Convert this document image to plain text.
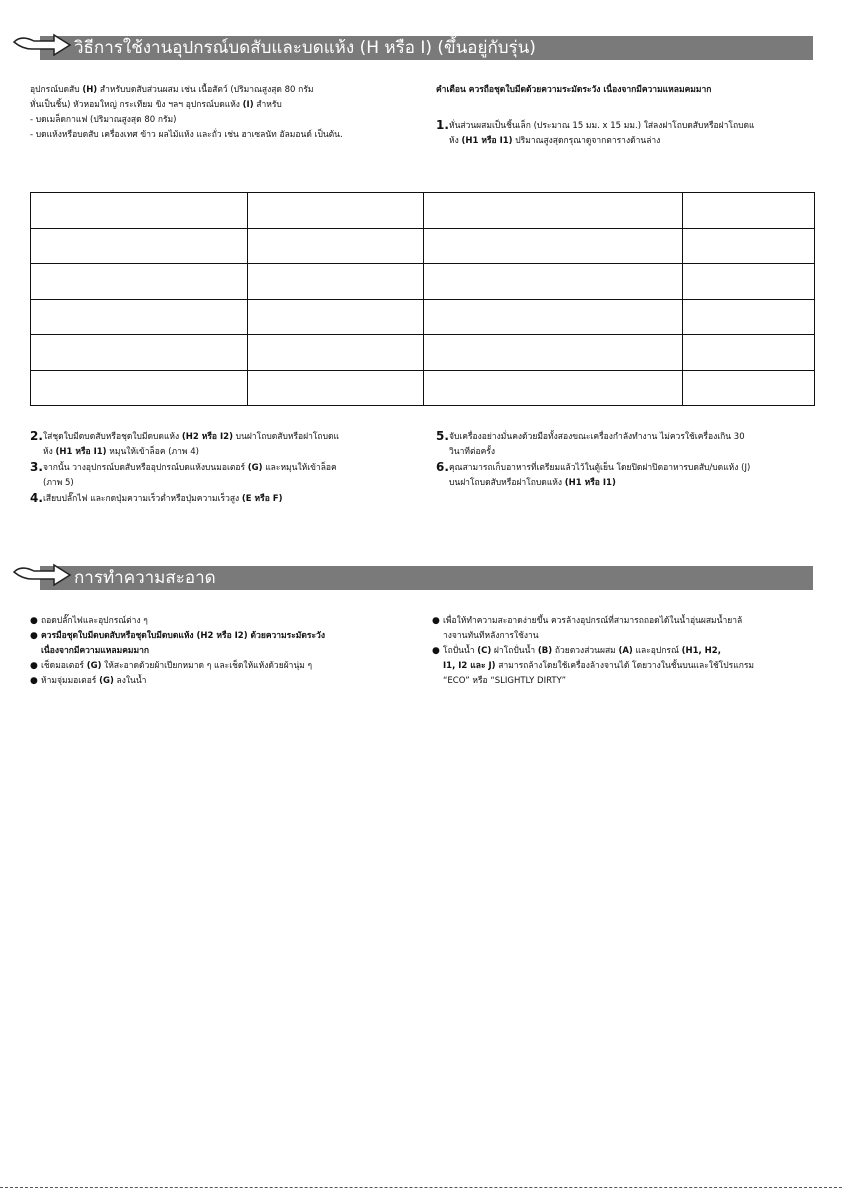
วิธีการใช้งานอุปกรณ์บดสับและบดแห้ง (H หรือ I) (ขึ้นอยู่กับรุ่น)

อุปกรณ์บดสับ (H) สำหรับบดสับส่วนผสม เช่น เนื้อสัตว์ (ปริมาณสูงสุด 80 กรัม

หั่นเป็นชิ้น) หัวหอมใหญ่ กระเทียม ขิง ฯลฯ อุปกรณ์บดแห้ง (I) สำหรับ

- บดเมล็ดกาแฟ (ปริมาณสูงสุด 80 กรัม)

- บดแห้งหรือบดสับ เครื่องเทศ ข้าว ผลไม้แห้ง และถั่ว เช่น ฮาเซลนัท อัลมอนด์ เป็นต้น.

คำเตือน ควรถือชุดใบมีดด้วยความระมัดระวัง เนื่องจากมีความแหลมคมมาก
1. หั่นส่วนผสมเป็นชิ้นเล็ก (ประมาณ 15 มม. x 15 มม.) ใส่ลงฝาโถบดสับหรือฝาโถบดแ

ห้ง (H1 หรือ I1) ปริมาณสูงสุดกรุณาดูจากตารางด้านล่าง

2. ใส่ชุดใบมีดบดสับหรือชุดใบมีดบดแห้ง (H2 หรือ I2) บนฝาโถบดสับหรือฝาโถบดแ

ห้ง (H1 หรือ I1) หมุนให้เข้าล็อค (ภาพ 4)

3. จากนั้น วางอุปกรณ์บดสับหรืออุปกรณ์บดแห้งบนมอเตอร์ (G) และหมุนให้เข้าล็อค

(ภาพ 5)

4. เสียบปลั๊กไฟ และกดปุ่มความเร็วต่ำหรือปุ่มความเร็วสูง (E หรือ F)

5. จับเครื่องอย่างมั่นคงด้วยมือทั้งสองขณะเครื่องกำลังทำงาน ไม่ควรใช้เครื่องเกิน 30

วินาทีต่อครั้ง

6. คุณสามารถเก็บอาหารที่เตรียมแล้วไว้ในตู้เย็น โดยปิดฝาปิดอาหารบดสับ/บดแห้ง (J)

บนฝาโถบดสับหรือฝาโถบดแห้ง (H1 หรือ I1)

การทำความสะอาด
● ถอดปลั๊กไฟและอุปกรณ์ต่าง ๆ

● ควรมือชุดใบมีดบดสับหรือชุดใบมีดบดแห้ง (H2 หรือ I2) ด้วยความระมัดระวัง

เนื่องจากมีความแหลมคมมาก

● เช็ดมอเตอร์ (G) ให้สะอาดด้วยผ้าเปียกหมาด ๆ และเช็ดให้แห้งด้วยผ้านุ่ม ๆ

● ห้ามจุ่มมอเตอร์ (G) ลงในน้ำ

● เพื่อให้ทำความสะอาดง่ายขึ้น ควรล้างอุปกรณ์ที่สามารถถอดได้ในน้ำอุ่นผสมน้ำยาล้

างจานทันทีหลังการใช้งาน

● โถปั่นน้ำ (C) ฝาโถปั่นน้ำ (B) ถ้วยตวงส่วนผสม (A) และอุปกรณ์ (H1, H2,

I1, I2 และ J) สามารถล้างโดยใช้เครื่องล้างจานได้ โดยวางในชั้นบนและใช้โปรแกรม

“ECO” หรือ “SLIGHTLY DIRTY”
